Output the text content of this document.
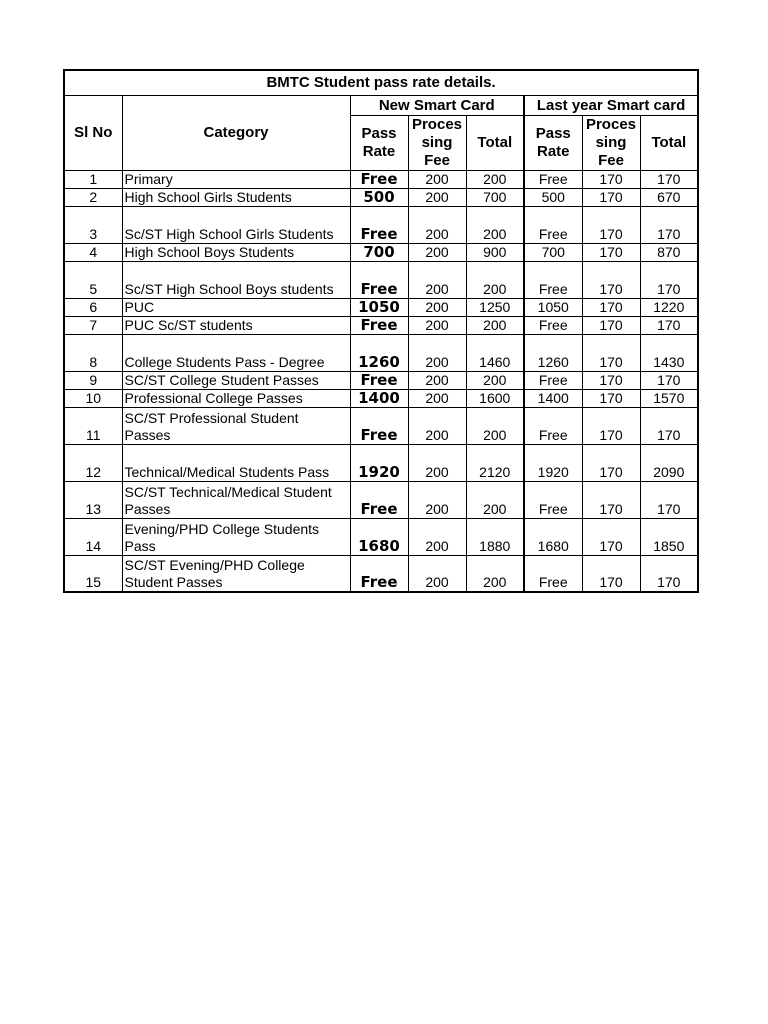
BMTC Student pass rate details.							
Sl No	Category	New Smart Card			Last year Smart card		

		Pass Rate	Proces sing Fee	Total	Pass Rate	Proces sing Fee	Total
1	Primary	Free	200	200	Free	170	170
2	High School Girls Students	500	200	700	500	170	670
3	Sc/ST High School Girls Students	Free	200	200	Free	170	170
4	High School Boys Students	700	200	900	700	170	870
5	Sc/ST High School Boys students	Free	200	200	Free	170	170
6	PUC	1050	200	1250	1050	170	1220
7	PUC Sc/ST students	Free	200	200	Free	170	170
8	College Students Pass - Degree	1260	200	1460	1260	170	1430
9	SC/ST College Student Passes	Free	200	200	Free	170	170
10	Professional College Passes	1400	200	1600	1400	170	1570
11	SC/ST Professional Student Passes	Free	200	200	Free	170	170
12	Technical/Medical Students Pass	1920	200	2120	1920	170	2090
13	SC/ST Technical/Medical Student Passes	Free	200	200	Free	170	170
14	Evening/PHD College Students Pass	1680	200	1880	1680	170	1850
15	SC/ST Evening/PHD College Student Passes	Free	200	200	Free	170	170
